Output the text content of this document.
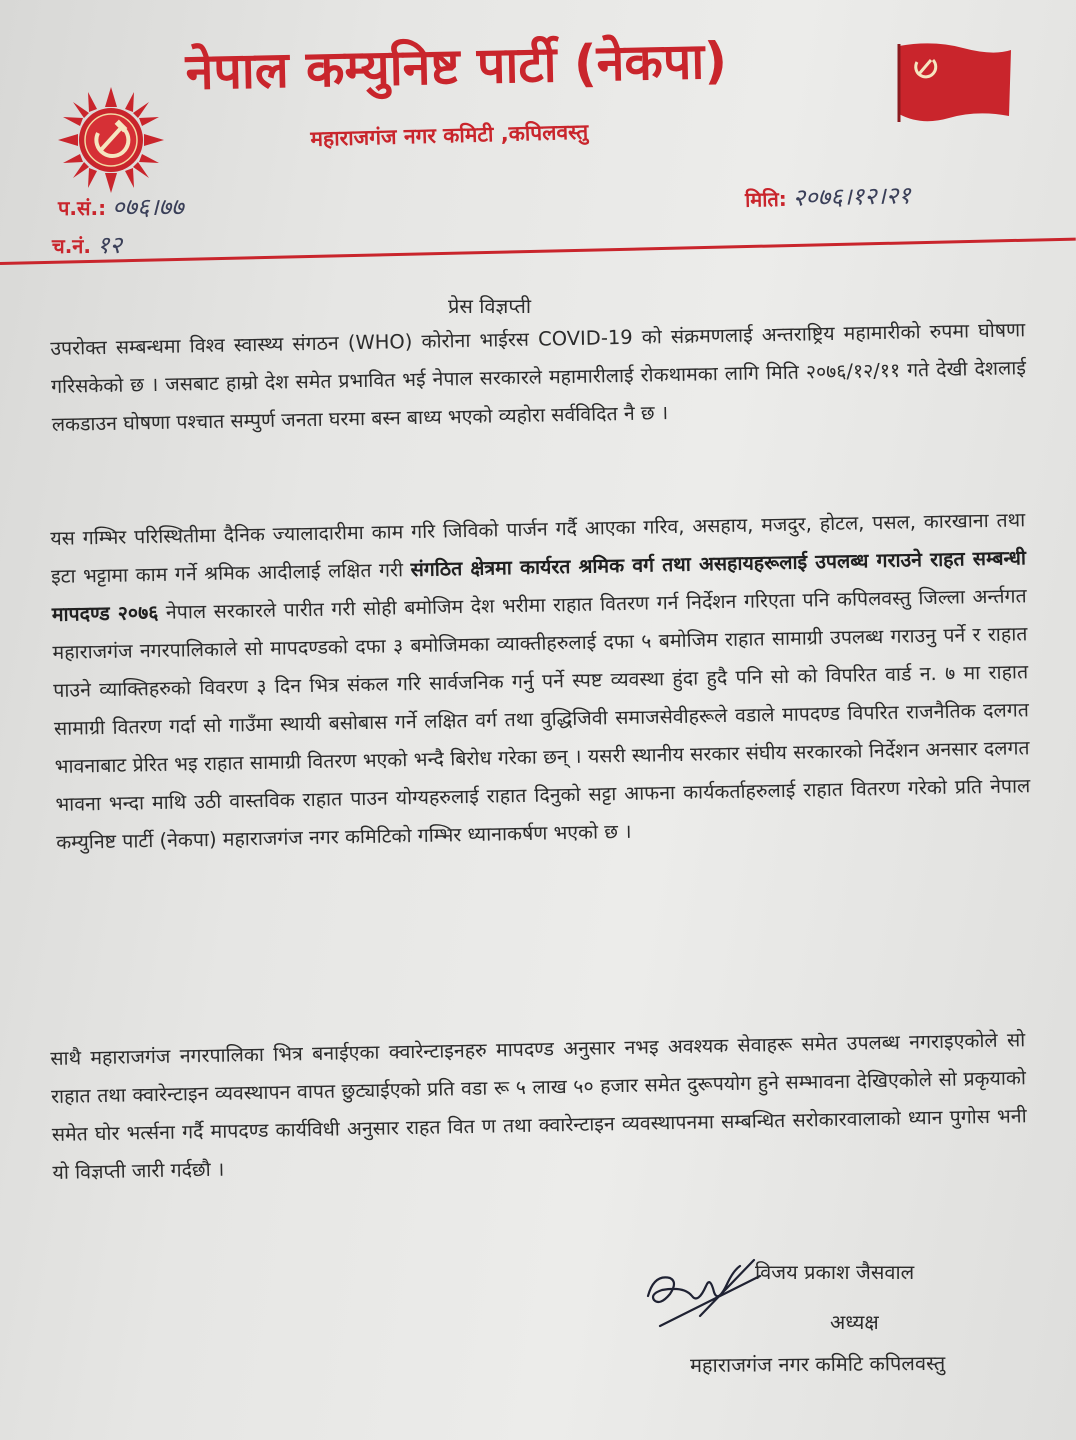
नेपाल कम्युनिष्ट पार्टी (नेकपा)
महाराजगंज नगर कमिटी ,कपिलवस्तु
प.सं.: ०७६।७७
च.नं. १२
मिति: २०७६।१२।२१
प्रेस विज्ञप्ती
उपरोक्त सम्बन्धमा विश्व स्वास्थ्य संगठन (WHO) कोरोना भाईरस COVID-19 को संक्रमणलाई अन्तराष्ट्रिय महामारीको रुपमा घोषणा गरिसकेको छ । जसबाट हाम्रो देश समेत प्रभावित भई नेपाल सरकारले महामारीलाई रोकथामका लागि मिति २०७६/१२/११ गते देखी देशलाई लकडाउन घोषणा पश्चात सम्पुर्ण जनता घरमा बस्न बाध्य भएको व्यहोरा सर्वविदित नै छ ।
यस गम्भिर परिस्थितीमा दैनिक ज्यालादारीमा काम गरि जिविको पार्जन गर्दै आएका गरिव, असहाय, मजदुर, होटल, पसल, कारखाना तथा इटा भट्टामा काम गर्ने श्रमिक आदीलाई लक्षित गरी संगठित क्षेत्रमा कार्यरत श्रमिक वर्ग तथा असहायहरूलाई उपलब्ध गराउने राहत सम्बन्धी मापदण्ड २०७६ नेपाल सरकारले पारीत गरी सोही बमोजिम देश भरीमा राहात वितरण गर्न निर्देशन गरिएता पनि कपिलवस्तु जिल्ला अर्न्तगत महाराजगंज नगरपालिकाले सो मापदण्डको दफा ३ बमोजिमका व्याक्तीहरुलाई दफा ५ बमोजिम राहात सामाग्री उपलब्ध गराउनु पर्ने र राहात पाउने व्याक्तिहरुको विवरण ३ दिन भित्र संकल गरि सार्वजनिक गर्नु पर्ने स्पष्ट व्यवस्था हुंदा हुदै पनि सो को विपरित वार्ड न. ७ मा राहात सामाग्री वितरण गर्दा सो गाउँमा स्थायी बसोबास गर्ने लक्षित वर्ग तथा वुद्धिजिवी समाजसेवीहरूले वडाले मापदण्ड विपरित राजनैतिक दलगत भावनाबाट प्रेरित भइ राहात सामाग्री वितरण भएको भन्दै बिरोध गरेका छन् । यसरी स्थानीय सरकार संघीय सरकारको निर्देशन अनसार दलगत भावना भन्दा माथि उठी वास्तविक राहात पाउन योग्यहरुलाई राहात दिनुको सट्टा आफना कार्यकर्ताहरुलाई राहात वितरण गरेको प्रति नेपाल कम्युनिष्ट पार्टी (नेकपा) महाराजगंज नगर कमिटिको गम्भिर ध्यानाकर्षण भएको छ ।
साथै महाराजगंज नगरपालिका भित्र बनाईएका क्वारेन्टाइनहरु मापदण्ड अनुसार नभइ अवश्यक सेवाहरू समेत उपलब्ध नगराइएकोले सो राहात तथा क्वारेन्टाइन व्यवस्थापन वापत छुट्याईएको प्रति वडा रू ५ लाख ५० हजार समेत दुरूपयोग हुने सम्भावना देखिएकोले सो प्रकृयाको समेत घोर भर्त्सना गर्दै मापदण्ड कार्यविधी अनुसार राहत वित ण तथा क्वारेन्टाइन व्यवस्थापनमा सम्बन्धित सरोकारवालाको ध्यान पुगोस भनी यो विज्ञप्ती जारी गर्दछौ ।
विजय प्रकाश जैसवाल
अध्यक्ष
महाराजगंज नगर कमिटि कपिलवस्तु
